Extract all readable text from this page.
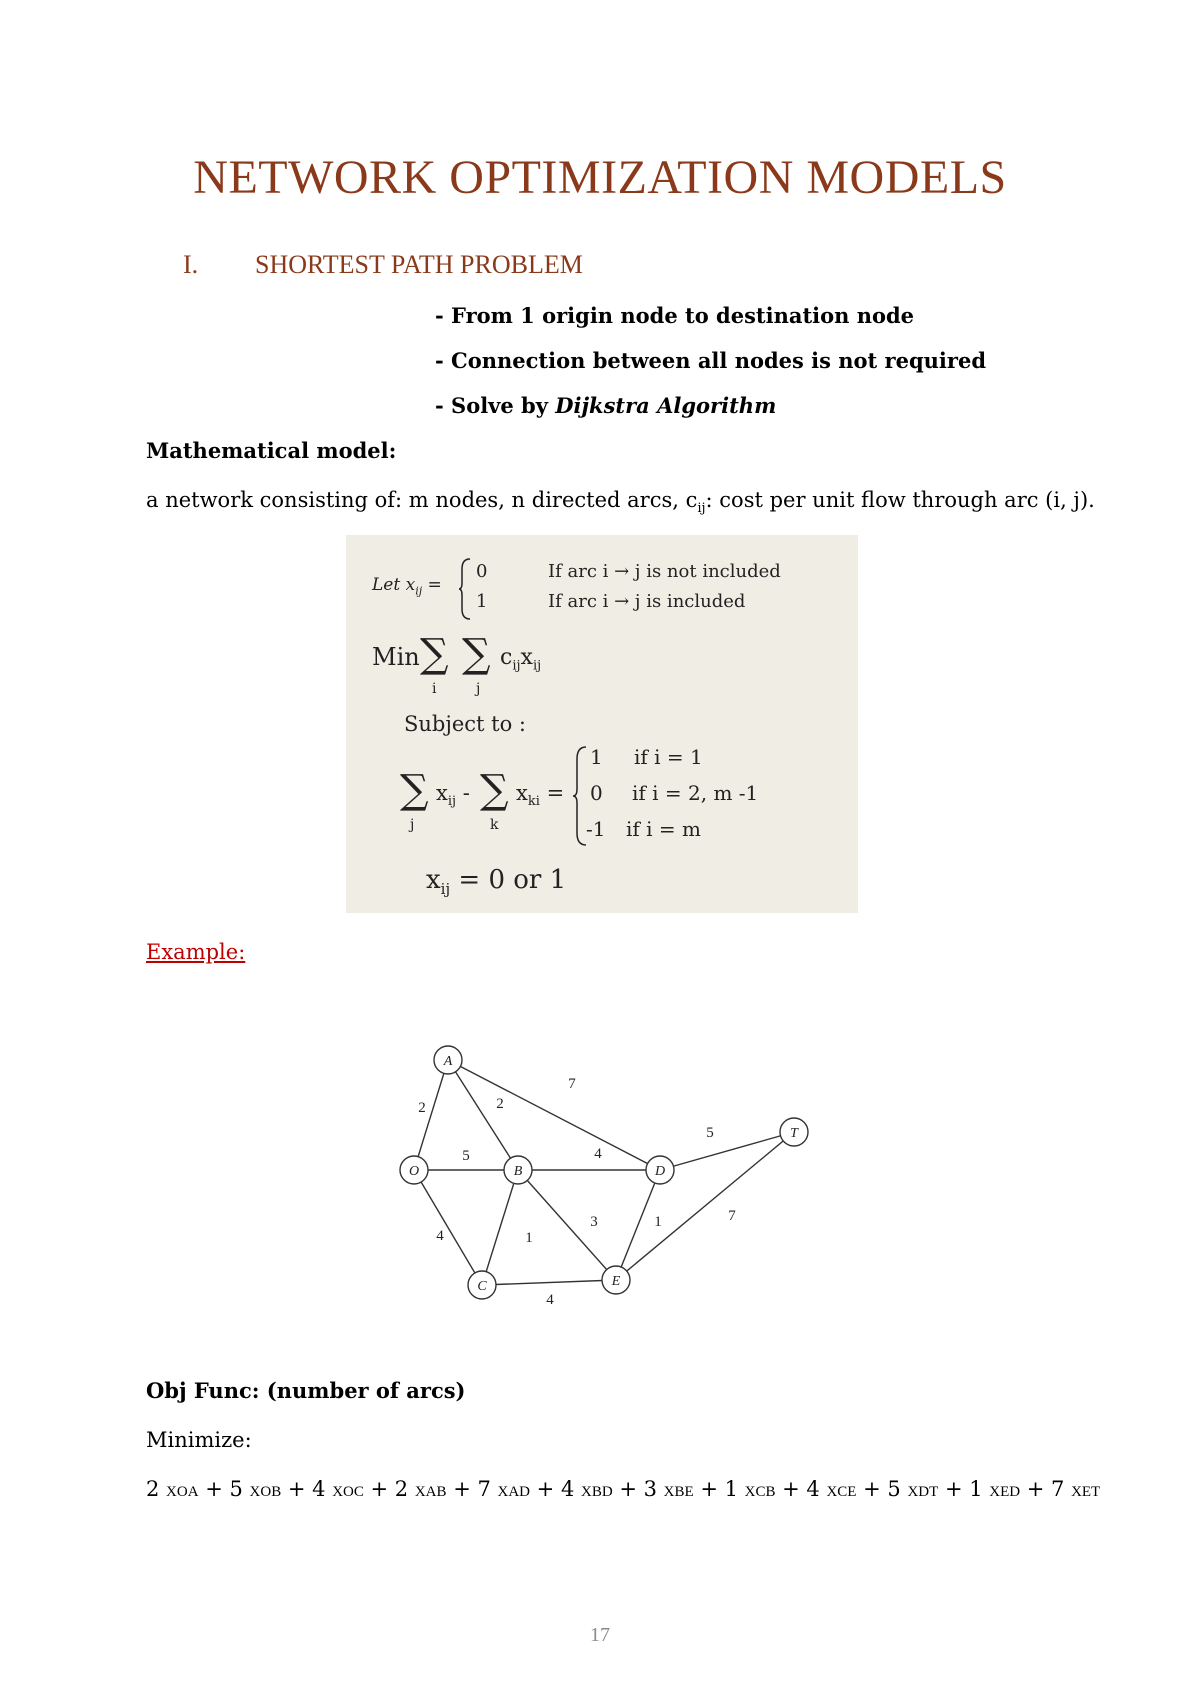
NETWORK OPTIMIZATION MODELS
I. SHORTEST PATH PROBLEM
- From 1 origin node to destination node
- Connection between all nodes is not required
- Solve by Dijkstra Algorithm
Mathematical model:
a network consisting of: m nodes, n directed arcs, $c_{ij}$: cost per unit flow through arc (i, j).
Let $x_{ij}$ =
0	If arc i → j is not included
1	If arc i → j is included
Min ∑
i
∑
j
$c_{ij}x_{ij}$
Subject to :
∑
j
$x_{ij}$ - ∑
k
$x_{ki}$ =
1 if i = 1
0 if i = 2, m -1
-1 if i = m
$x_{ij} = 0$ or 1
Example:
2
5
4
2
7
4
1
3
4
1
5
7
O
A
B
C
D
E
T
Obj Func: (number of arcs)
Minimize:
2 XOA + 5 XOB + 4 XOC + 2 XAB + 7 XAD + 4 XBD + 3 XBE + 1 XCB + 4 XCE + 5 XDT + 1 XED + 7 XET
17
